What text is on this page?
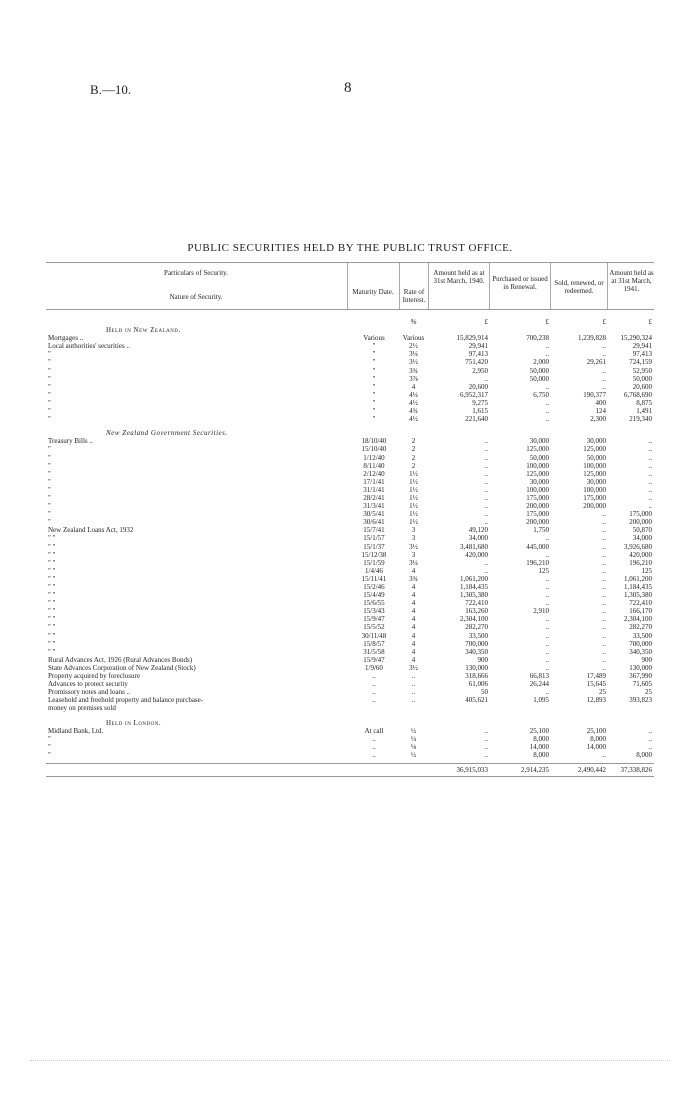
B.—10.	8
PUBLIC SECURITIES HELD BY THE PUBLIC TRUST OFFICE.
Particulars of Security.
Nature of Security.
Maturity Date.	Rate of Interest.
Amount held as at 31st March, 1940.	Purchased or issued in Renewal.	Sold, renewed, or redeemed.
Amount held as at 31st March, 1941.
%	£	£	£	£
Held in New Zealand.
Mortgages ..	Various	Various	15,829,914	700,238	1,239,828	15,290,324
Local authorities' securities ..	"	2½	29,941	..	..	29,941
"	"	3¼	97,413	..	..	97,413
"	"	3½	751,420	2,000	29,261	724,159
"	"	3¾	2,950	50,000	..	52,950
"	"	3⅞	..	50,000	..	50,000
"	"	4	20,600	..	..	20,600
"	"	4¼	6,952,317	6,750	190,377	6,768,690
"	"	4½	9,275	..	400	8,875
"	"	4¾	1,615	..	124	1,491
"	"	4½	221,640	..	2,300	219,340
New Zealand Government Securities.
Treasury Bills ..	18/10/40	2	..	30,000	30,000	..
"	15/10/40	2	..	125,000	125,000	..
"	1/12/40	2	..	50,000	50,000	..
"	8/11/40	2	..	100,000	100,000	..
"	2/12/40	1½	..	125,000	125,000	..
"	17/1/41	1½	..	30,000	30,000	..
"	31/1/41	1½	..	100,000	100,000	..
"	28/2/41	1½	..	175,000	175,000	..
"	31/3/41	1½	..	200,000	200,000	..
"	30/5/41	1½	..	175,000	..	175,000
"	30/6/41	1½	..	200,000	..	200,000
New Zealand Loans Act, 1932	15/7/41	3	49,120	1,750	..	50,870
" "	15/1/57	3	34,000	..	..	34,000
" "	15/1/37	3½	3,481,680	445,000	..	3,926,680
" "	15/12/38	3	420,000	..	..	420,000
" "	15/1/59	3¼	..	196,210	..	196,210
" "	1/4/46	4	..	125	..	125
" "	15/11/41	3¾	1,061,200	..	..	1,061,200
" "	15/2/46	4	1,184,435	..	..	1,184,435
" "	15/4/49	4	1,305,380	..	..	1,305,380
" "	15/6/55	4	722,410	..	..	722,410
" "	15/3/43	4	163,260	2,910	..	166,170
" "	15/9/47	4	2,304,100	..	..	2,304,100
" "	15/5/52	4	282,270	..	..	282,270
" "	30/11/48	4	33,500	..	..	33,500
" "	15/8/57	4	700,000	..	..	700,000
" "	31/5/58	4	340,350	..	..	340,350
Rural Advances Act, 1926 (Rural Advances Bonds)	15/9/47	4	900	..	..	900
State Advances Corporation of New Zealand (Stock)	1/9/60	3½	130,000	..	..	130,000
Property acquired by foreclosure	..	..	318,666	66,813	17,489	367,990
Advances to protect security	..	..	61,006	26,244	15,645	71,605
Promissory notes and loans ..	..	..	50	..	25	25
Leasehold and freehold property and balance purchase-	..	..	405,621	1,095	12,893	393,823
money on premises sold
Held in London.
Midland Bank, Ltd.	At call	½	..	25,100	25,100	..
"	..	¼	..	8,000	8,000	..
"	..	⅛	..	14,000	14,000	..
"	..	½	..	8,000	..	8,000
36,915,033	2,914,235	2,490,442	37,338,826
